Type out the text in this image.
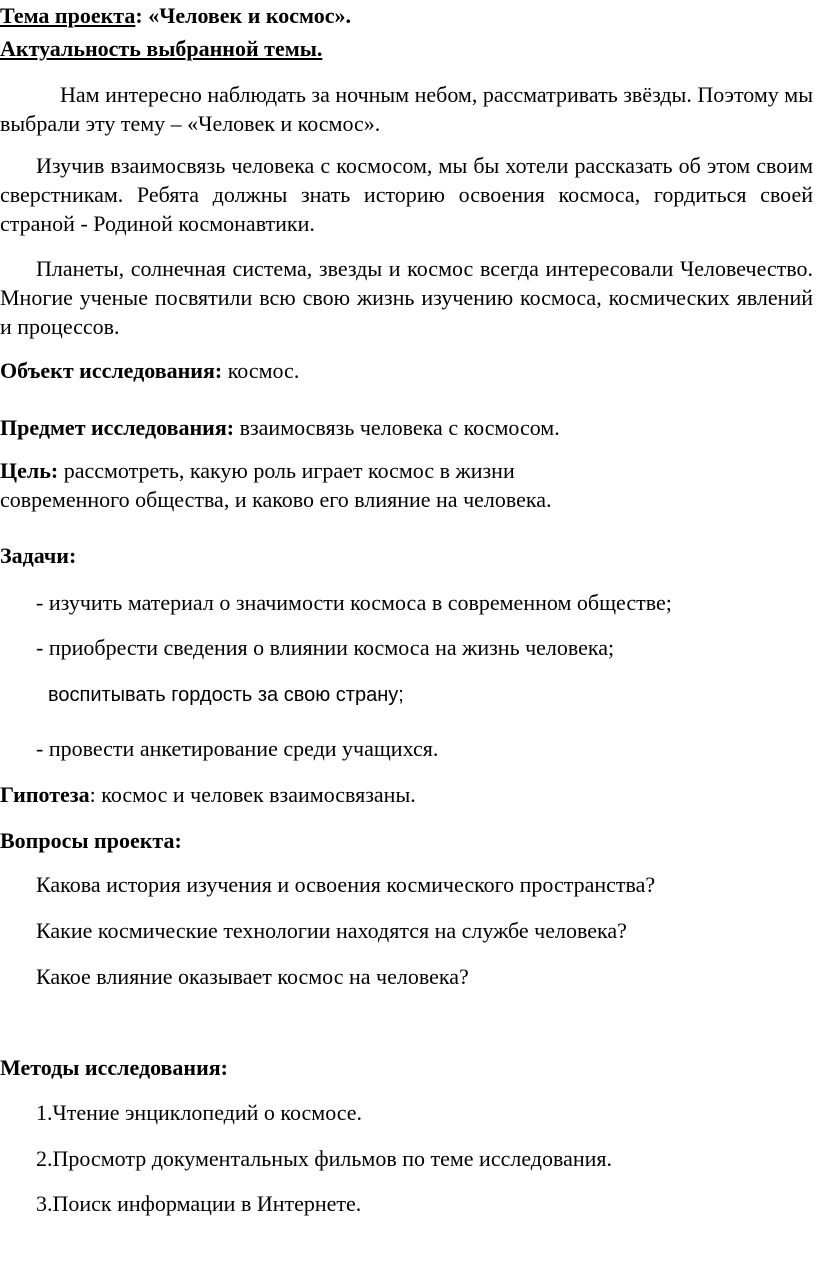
Тема проекта: «Человек и космос».
Актуальность выбранной темы.

Нам интересно наблюдать за ночным небом, рассматривать звёзды. Поэтому мы выбрали эту тему – «Человек и космос».

Изучив взаимосвязь человека с космосом, мы бы хотели рассказать об этом своим сверстникам. Ребята должны знать историю освоения космоса, гордиться своей страной - Родиной космонавтики.

Планеты, солнечная система, звезды и космос всегда интересовали Человечество. Многие ученые посвятили всю свою жизнь изучению космоса, космических явлений и процессов.

Объект исследования: космос.
Предмет исследования: взаимосвязь человека с космосом.
Цель: рассмотреть, какую роль играет космос в жизни
современного общества, и каково его влияние на человека.
Задачи:
- изучить материал о значимости космоса в современном обществе;
- приобрести сведения о влиянии космоса на жизнь человека;
воспитывать гордость за свою страну;
- провести анкетирование среди учащихся.
Гипотеза: космос и человек взаимосвязаны.
Вопросы проекта:
Какова история изучения и освоения космического пространства?
Какие космические технологии находятся на службе человека?
Какое влияние оказывает космос на человека?
Методы исследования:
1.Чтение энциклопедий о космосе.
2.Просмотр документальных фильмов по теме исследования.
3.Поиск информации в Интернете.
